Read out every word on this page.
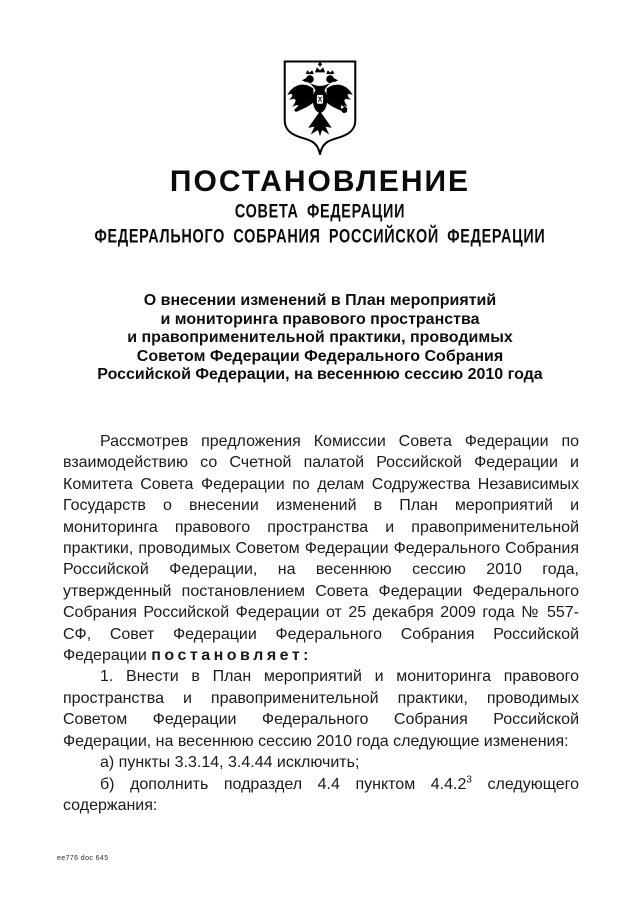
ПОСТАНОВЛЕНИЕ
СОВЕТА ФЕДЕРАЦИИ
ФЕДЕРАЛЬНОГО СОБРАНИЯ РОССИЙСКОЙ ФЕДЕРАЦИИ
О внесении изменений в План мероприятий
и мониторинга правового пространства
и правоприменительной практики, проводимых
Советом Федерации Федерального Собрания
Российской Федерации, на весеннюю сессию 2010 года

Рассмотрев предложения Комиссии Совета Федерации по взаимодействию со Счетной палатой Российской Федерации и Комитета Совета Федерации по делам Содружества Независимых Государств о внесении изменений в План мероприятий и мониторинга правового пространства и правоприменительной практики, проводимых Советом Федерации Федерального Собрания Российской Федерации, на весеннюю сессию 2010 года, утвержденный постановлением Совета Федерации Федерального Собрания Российской Федерации от 25 декабря 2009 года № 557-СФ, Совет Федерации Федерального Собрания Российской Федерации постановляет:

1. Внести в План мероприятий и мониторинга правового пространства и правоприменительной практики, проводимых Советом Федерации Федерального Собрания Российской Федерации, на весеннюю сессию 2010 года следующие изменения:

а) пункты 3.3.14, 3.4.44 исключить;

б) дополнить подраздел 4.4 пунктом 4.4.2$^3$ следующего содержания:

ее776 doc 645
